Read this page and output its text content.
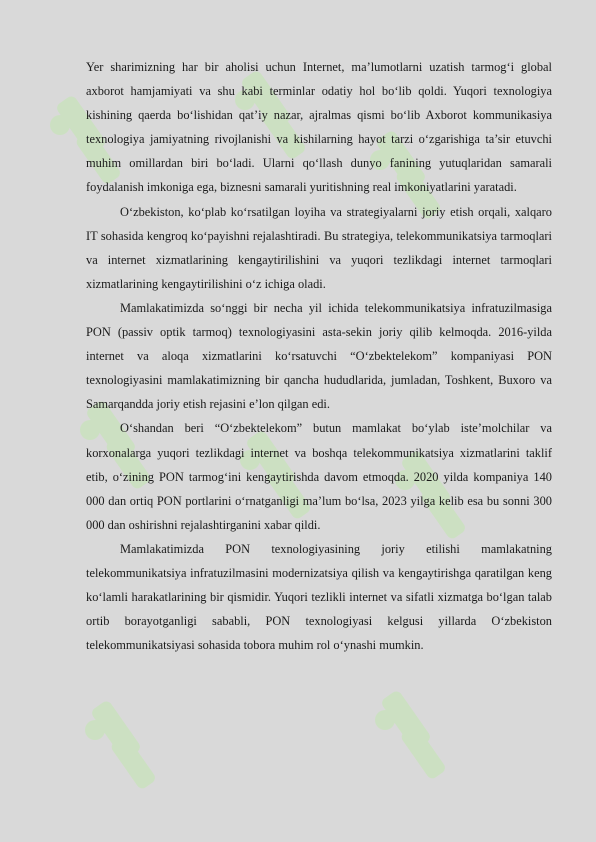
Yer sharimizning har bir aholisi uchun Internet, ma’lumotlarni uzatish tarmog‘i global axborot hamjamiyati va shu kabi terminlar odatiy hol bo‘lib qoldi. Yuqori texnologiya kishining qaerda bo‘lishidan qat’iy nazar, ajralmas qismi bo‘lib Axborot kommunikasiya texnologiya jamiyatning rivojlanishi va kishilarning hayot tarzi o‘zgarishiga ta’sir etuvchi muhim omillardan biri bo‘ladi. Ularni qo‘llash dunyo fanining yutuqlaridan samarali foydalanish imkoniga ega, biznesni samarali yuritishning real imkoniyatlarini yaratadi.

O‘zbekiston, ko‘plab ko‘rsatilgan loyiha va strategiyalarni joriy etish orqali, xalqaro IT sohasida kengroq ko‘payishni rejalashtiradi. Bu strategiya, telekommunikatsiya tarmoqlari va internet xizmatlarining kengaytirilishini va yuqori tezlikdagi internet tarmoqlari xizmatlarining kengaytirilishini o‘z ichiga oladi.

Mamlakatimizda so‘nggi bir necha yil ichida telekommunikatsiya infratuzilmasiga PON (passiv optik tarmoq) texnologiyasini asta-sekin joriy qilib kelmoqda. 2016-yilda internet va aloqa xizmatlarini ko‘rsatuvchi “O‘zbektelekom” kompaniyasi PON texnologiyasini mamlakatimizning bir qancha hududlarida, jumladan, Toshkent, Buxoro va Samarqandda joriy etish rejasini e’lon qilgan edi.

O‘shandan beri “O‘zbektelekom” butun mamlakat bo‘ylab iste’molchilar va korxonalarga yuqori tezlikdagi internet va boshqa telekommunikatsiya xizmatlarini taklif etib, o‘zining PON tarmog‘ini kengaytirishda davom etmoqda. 2020 yilda kompaniya 140 000 dan ortiq PON portlarini o‘rnatganligi ma’lum bo‘lsa, 2023 yilga kelib esa bu sonni 300 000 dan oshirishni rejalashtirganini xabar qildi.

Mamlakatimizda PON texnologiyasining joriy etilishi mamlakatning telekommunikatsiya infratuzilmasini modernizatsiya qilish va kengaytirishga qaratilgan keng ko‘lamli harakatlarining bir qismidir. Yuqori tezlikli internet va sifatli xizmatga bo‘lgan talab ortib borayotganligi sababli, PON texnologiyasi kelgusi yillarda O‘zbekiston telekommunikatsiyasi sohasida tobora muhim rol o‘ynashi mumkin.
